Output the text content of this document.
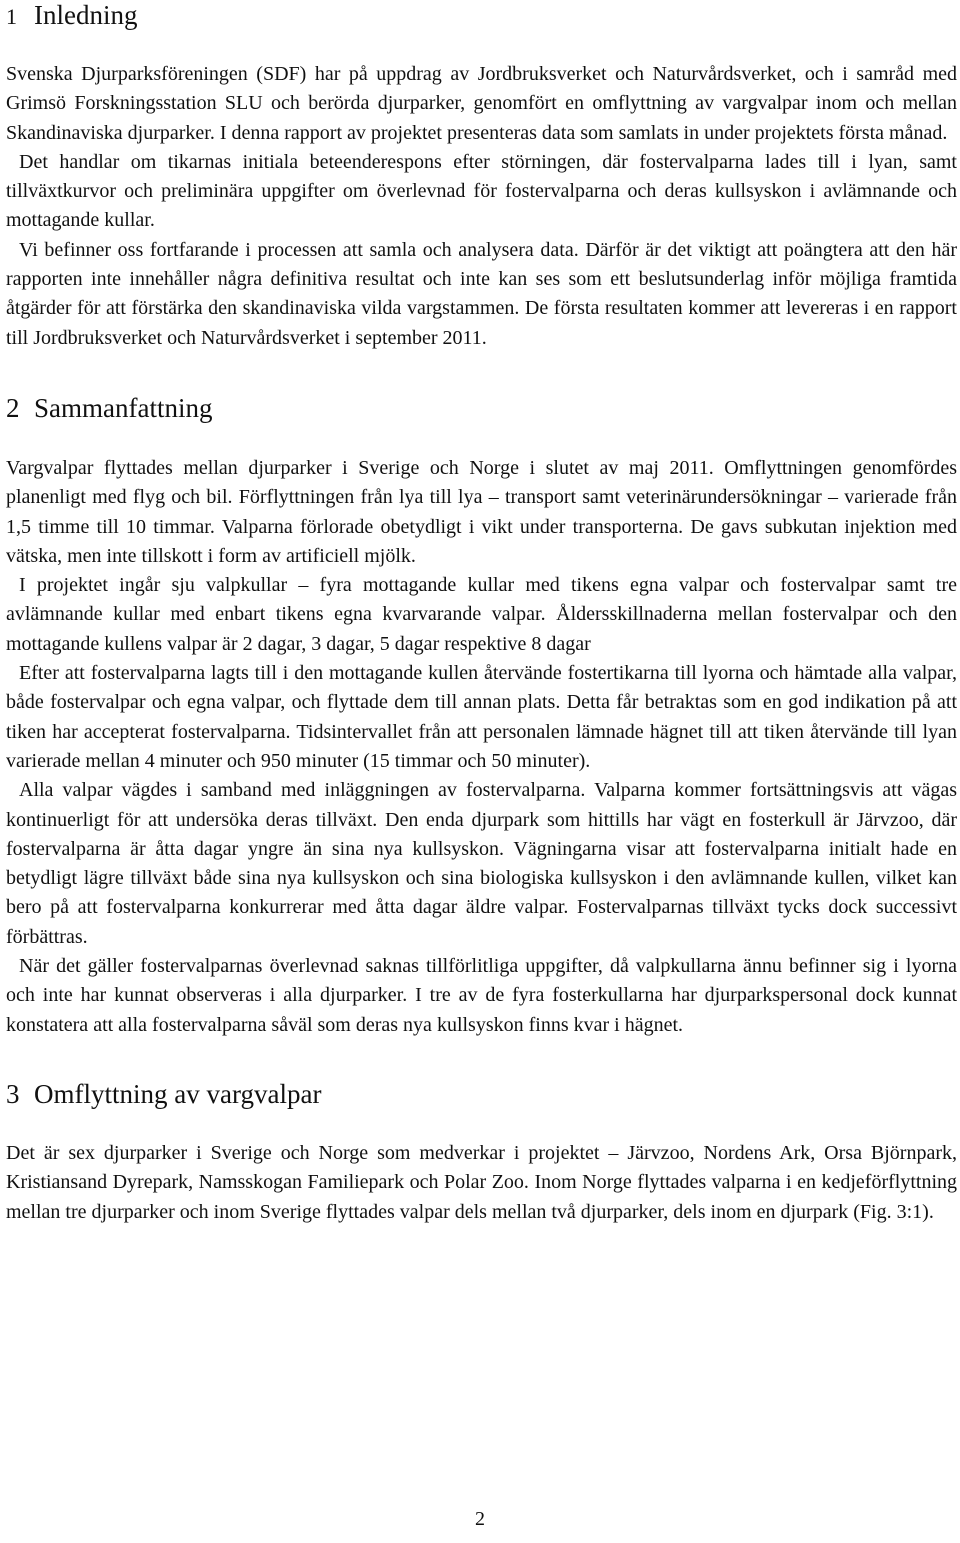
1 Inledning

Svenska Djurparksföreningen (SDF) har på uppdrag av Jordbruksverket och Naturvårdsverket, och i samråd med Grimsö Forskningsstation SLU och berörda djurparker, genomfört en omflyttning av vargvalpar inom och mellan Skandinaviska djurparker. I denna rapport av projektet presenteras data som samlats in under projektets första månad.

Det handlar om tikarnas initiala beteenderespons efter störningen, där fostervalparna lades till i lyan, samt tillväxtkurvor och preliminära uppgifter om överlevnad för fostervalparna och deras kullsyskon i avlämnande och mottagande kullar.

Vi befinner oss fortfarande i processen att samla och analysera data. Därför är det viktigt att poängtera att den här rapporten inte innehåller några definitiva resultat och inte kan ses som ett beslutsunderlag inför möjliga framtida åtgärder för att förstärka den skandinaviska vilda vargstammen. De första resultaten kommer att levereras i en rapport till Jordbruksverket och Naturvårdsverket i september 2011.

2 Sammanfattning

Vargvalpar flyttades mellan djurparker i Sverige och Norge i slutet av maj 2011. Omflyttningen genomfördes planenligt med flyg och bil. Förflyttningen från lya till lya – transport samt veterinärundersökningar – varierade från 1,5 timme till 10 timmar. Valparna förlorade obetydligt i vikt under transporterna. De gavs subkutan injektion med vätska, men inte tillskott i form av artificiell mjölk.

I projektet ingår sju valpkullar – fyra mottagande kullar med tikens egna valpar och fostervalpar samt tre avlämnande kullar med enbart tikens egna kvarvarande valpar. Åldersskillnaderna mellan fostervalpar och den mottagande kullens valpar är 2 dagar, 3 dagar, 5 dagar respektive 8 dagar

Efter att fostervalparna lagts till i den mottagande kullen återvände fostertikarna till lyorna och hämtade alla valpar, både fostervalpar och egna valpar, och flyttade dem till annan plats. Detta får betraktas som en god indikation på att tiken har accepterat fostervalparna. Tidsintervallet från att personalen lämnade hägnet till att tiken återvände till lyan varierade mellan 4 minuter och 950 minuter (15 timmar och 50 minuter).

Alla valpar vägdes i samband med inläggningen av fostervalparna. Valparna kommer fortsättningsvis att vägas kontinuerligt för att undersöka deras tillväxt. Den enda djurpark som hittills har vägt en fosterkull är Järvzoo, där fostervalparna är åtta dagar yngre än sina nya kullsyskon. Vägningarna visar att fostervalparna initialt hade en betydligt lägre tillväxt både sina nya kullsyskon och sina biologiska kullsyskon i den avlämnande kullen, vilket kan bero på att fostervalparna konkurrerar med åtta dagar äldre valpar. Fostervalparnas tillväxt tycks dock successivt förbättras.

När det gäller fostervalparnas överlevnad saknas tillförlitliga uppgifter, då valpkullarna ännu befinner sig i lyorna och inte har kunnat observeras i alla djurparker. I tre av de fyra fosterkullarna har djurparkspersonal dock kunnat konstatera att alla fostervalparna såväl som deras nya kullsyskon finns kvar i hägnet.

3 Omflyttning av vargvalpar

Det är sex djurparker i Sverige och Norge som medverkar i projektet – Järvzoo, Nordens Ark, Orsa Björnpark, Kristiansand Dyrepark, Namsskogan Familiepark och Polar Zoo. Inom Norge flyttades valparna i en kedjeförflyttning mellan tre djurparker och inom Sverige flyttades valpar dels mellan två djurparker, dels inom en djurpark (Fig. 3:1).

2
